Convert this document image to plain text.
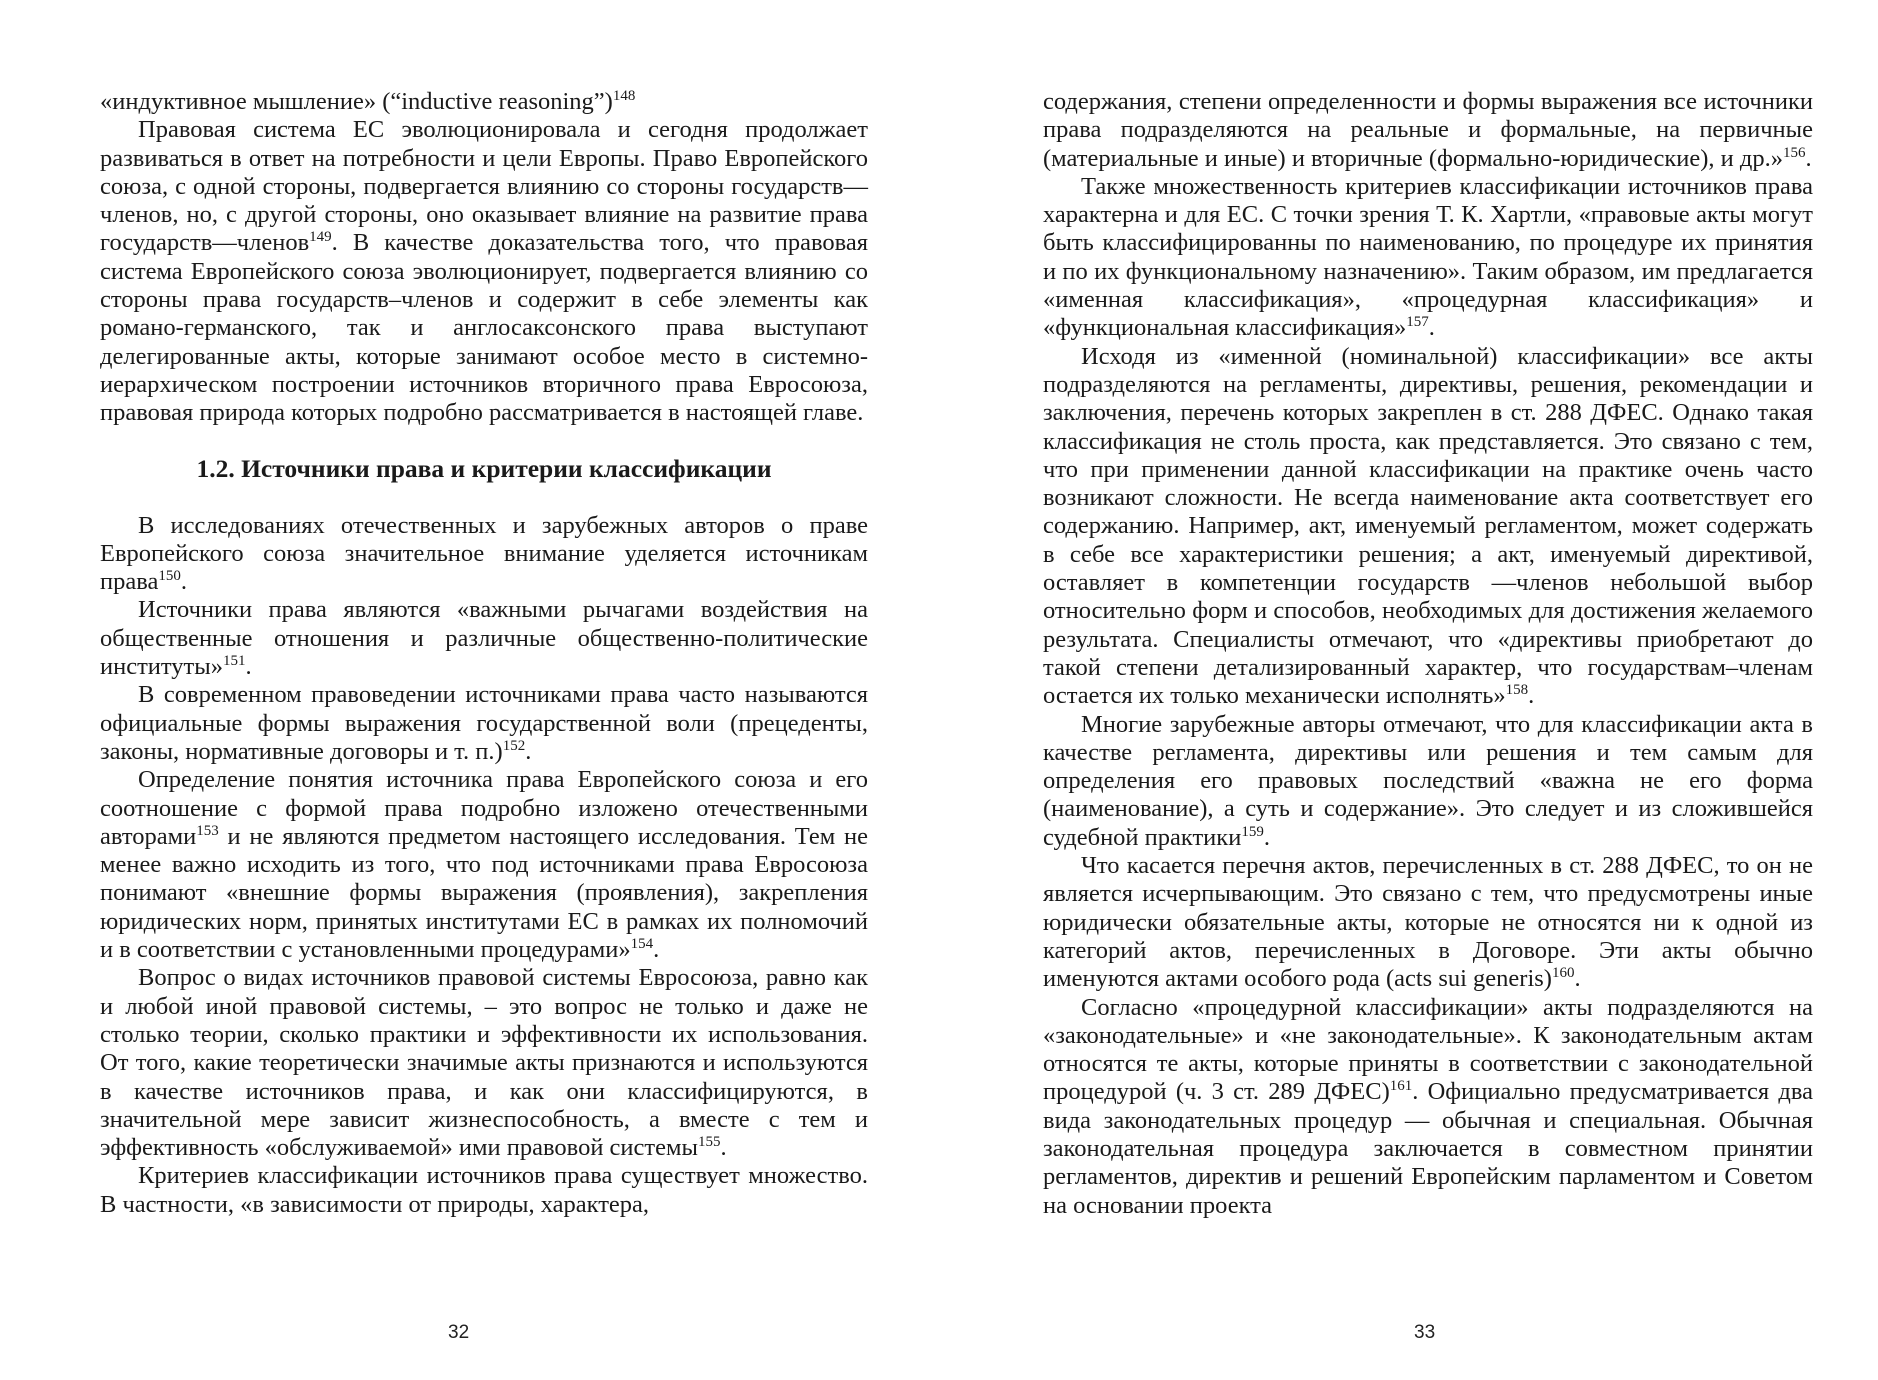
«индуктивное мышление» (“inductive reasoning”)$^{148}$

Правовая система ЕС эволюционировала и сегодня продолжает развиваться в ответ на потребности и цели Европы. Право Европейского союза, с одной стороны, подвергается влиянию со стороны государств—членов, но, с другой стороны, оно оказывает влияние на развитие права государств—членов$^{149}$. В качестве доказательства того, что правовая система Европейского союза эволюционирует, подвергается влиянию со стороны права государств–членов и содержит в себе элементы как романо-германского, так и англосаксонского права выступают делегированные акты, которые занимают особое место в системно-иерархическом построении источников вторичного права Евросоюза, правовая природа которых подробно рассматривается в настоящей главе.

1.2. Источники права и критерии классификации

В исследованиях отечественных и зарубежных авторов о праве Европейского союза значительное внимание уделяется источникам права$^{150}$.

Источники права являются «важными рычагами воздействия на общественные отношения и различные общественно-политические институты»$^{151}$.

В современном правоведении источниками права часто называются официальные формы выражения государственной воли (прецеденты, законы, нормативные договоры и т. п.)$^{152}$.

Определение понятия источника права Европейского союза и его соотношение с формой права подробно изложено отечественными авторами$^{153}$ и не являются предметом настоящего исследования. Тем не менее важно исходить из того, что под источниками права Евросоюза понимают «внешние формы выражения (проявления), закрепления юридических норм, принятых институтами ЕС в рамках их полномочий и в соответствии с установленными процедурами»$^{154}$.

Вопрос о видах источников правовой системы Евросоюза, равно как и любой иной правовой системы, – это вопрос не только и даже не столько теории, сколько практики и эффективности их использования. От того, какие теоретически значимые акты признаются и используются в качестве источников права, и как они классифицируются, в значительной мере зависит жизнеспособность, а вместе с тем и эффективность «обслуживаемой» ими правовой системы$^{155}$.

Критериев классификации источников права существует множество. В частности, «в зависимости от природы, характера,

содержания, степени определенности и формы выражения все источники права подразделяются на реальные и формальные, на первичные (материальные и иные) и вторичные (формально-юридические), и др.»$^{156}$.

Также множественность критериев классификации источников права характерна и для ЕС. С точки зрения Т. К. Хартли, «правовые акты могут быть классифицированны по наименованию, по процедуре их принятия и по их функциональному назначению». Таким образом, им предлагается «именная классификация», «процедурная классификация» и «функциональная классификация»$^{157}$.

Исходя из «именной (номинальной) классификации» все акты подразделяются на регламенты, директивы, решения, рекомендации и заключения, перечень которых закреплен в ст. 288 ДФЕС. Однако такая классификация не столь проста, как представляется. Это связано с тем, что при применении данной классификации на практике очень часто возникают сложности. Не всегда наименование акта соответствует его содержанию. Например, акт, именуемый регламентом, может содержать в себе все характеристики решения; а акт, именуемый директивой, оставляет в компетенции государств —членов небольшой выбор относительно форм и способов, необходимых для достижения желаемого результата. Специалисты отмечают, что «директивы приобретают до такой степени детализированный характер, что государствам–членам остается их только механически исполнять»$^{158}$.

Многие зарубежные авторы отмечают, что для классификации акта в качестве регламента, директивы или решения и тем самым для определения его правовых последствий «важна не его форма (наименование), а суть и содержание». Это следует и из сложившейся судебной практики$^{159}$.

Что касается перечня актов, перечисленных в ст. 288 ДФЕС, то он не является исчерпывающим. Это связано с тем, что предусмотрены иные юридически обязательные акты, которые не относятся ни к одной из категорий актов, перечисленных в Договоре. Эти акты обычно именуются актами особого рода (acts sui generis)$^{160}$.

Согласно «процедурной классификации» акты подразделяются на «законодательные» и «не законодательные». К законодательным актам относятся те акты, которые приняты в соответствии с законодательной процедурой (ч. 3 ст. 289 ДФЕС)$^{161}$. Официально предусматривается два вида законодательных процедур — обычная и специальная. Обычная законодательная процедура заключается в совместном принятии регламентов, директив и решений Европейским парламентом и Советом на основании проекта

32	33
